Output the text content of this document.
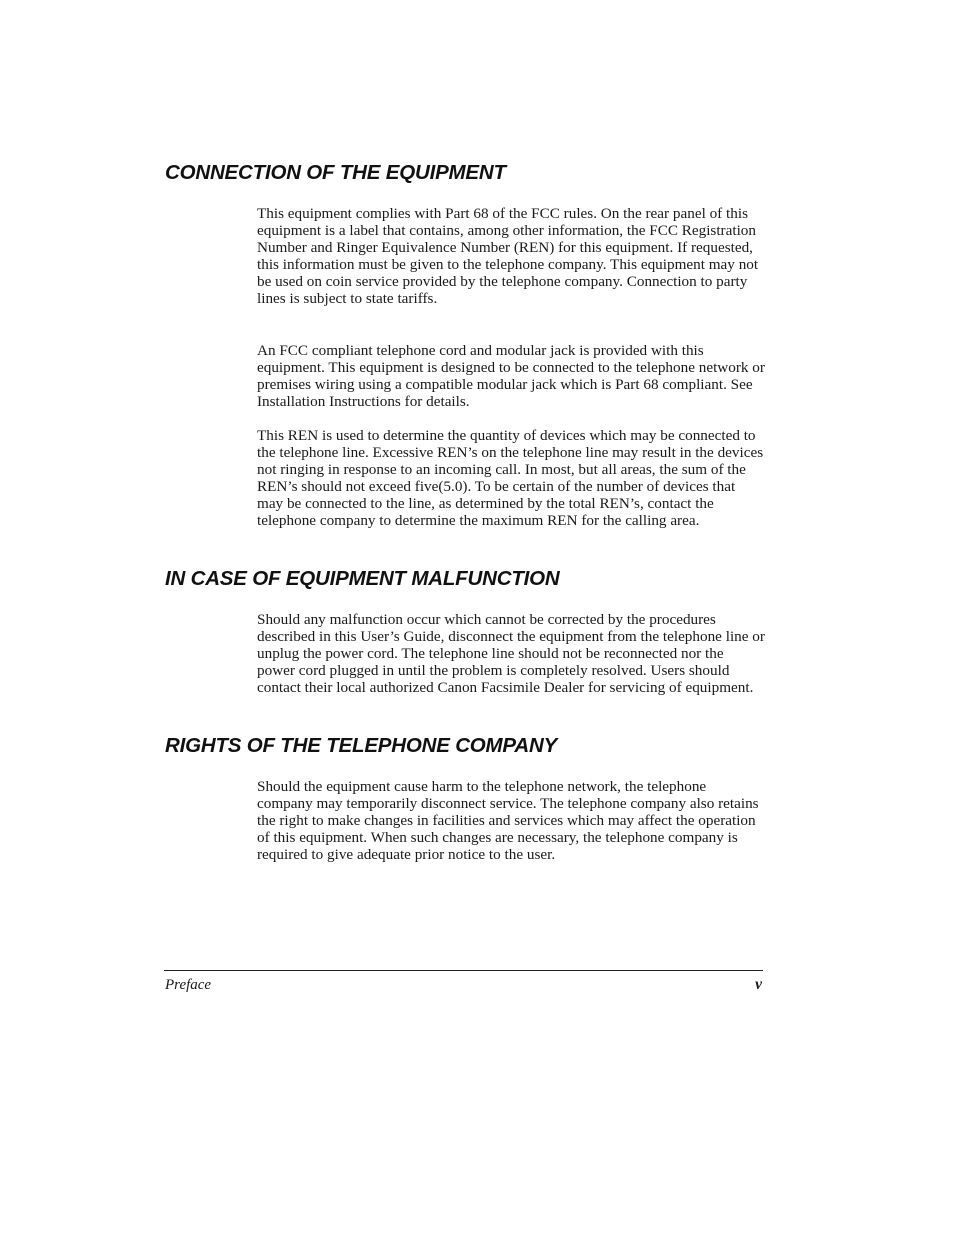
CONNECTION OF THE EQUIPMENT

This equipment complies with Part 68 of the FCC rules. On the rear panel of this equipment is a label that contains, among other information, the FCC Registration Number and Ringer Equivalence Number (REN) for this equipment. If requested, this information must be given to the telephone company. This equipment may not be used on coin service provided by the telephone company. Connection to party lines is subject to state tariffs.

An FCC compliant telephone cord and modular jack is provided with this equipment. This equipment is designed to be connected to the telephone network or premises wiring using a compatible modular jack which is Part 68 compliant. See Installation Instructions for details.

This REN is used to determine the quantity of devices which may be connected to the telephone line. Excessive REN’s on the telephone line may result in the devices not ringing in response to an incoming call. In most, but all areas, the sum of the REN’s should not exceed five(5.0). To be certain of the number of devices that may be connected to the line, as determined by the total REN’s, contact the telephone company to determine the maximum REN for the calling area.

IN CASE OF EQUIPMENT MALFUNCTION

Should any malfunction occur which cannot be corrected by the procedures described in this User’s Guide, disconnect the equipment from the telephone line or unplug the power cord. The telephone line should not be reconnected nor the power cord plugged in until the problem is completely resolved. Users should contact their local authorized Canon Facsimile Dealer for servicing of equipment.

RIGHTS OF THE TELEPHONE COMPANY

Should the equipment cause harm to the telephone network, the telephone company may temporarily disconnect service. The telephone company also retains the right to make changes in facilities and services which may affect the operation of this equipment. When such changes are necessary, the telephone company is required to give adequate prior notice to the user.

Preface	v
